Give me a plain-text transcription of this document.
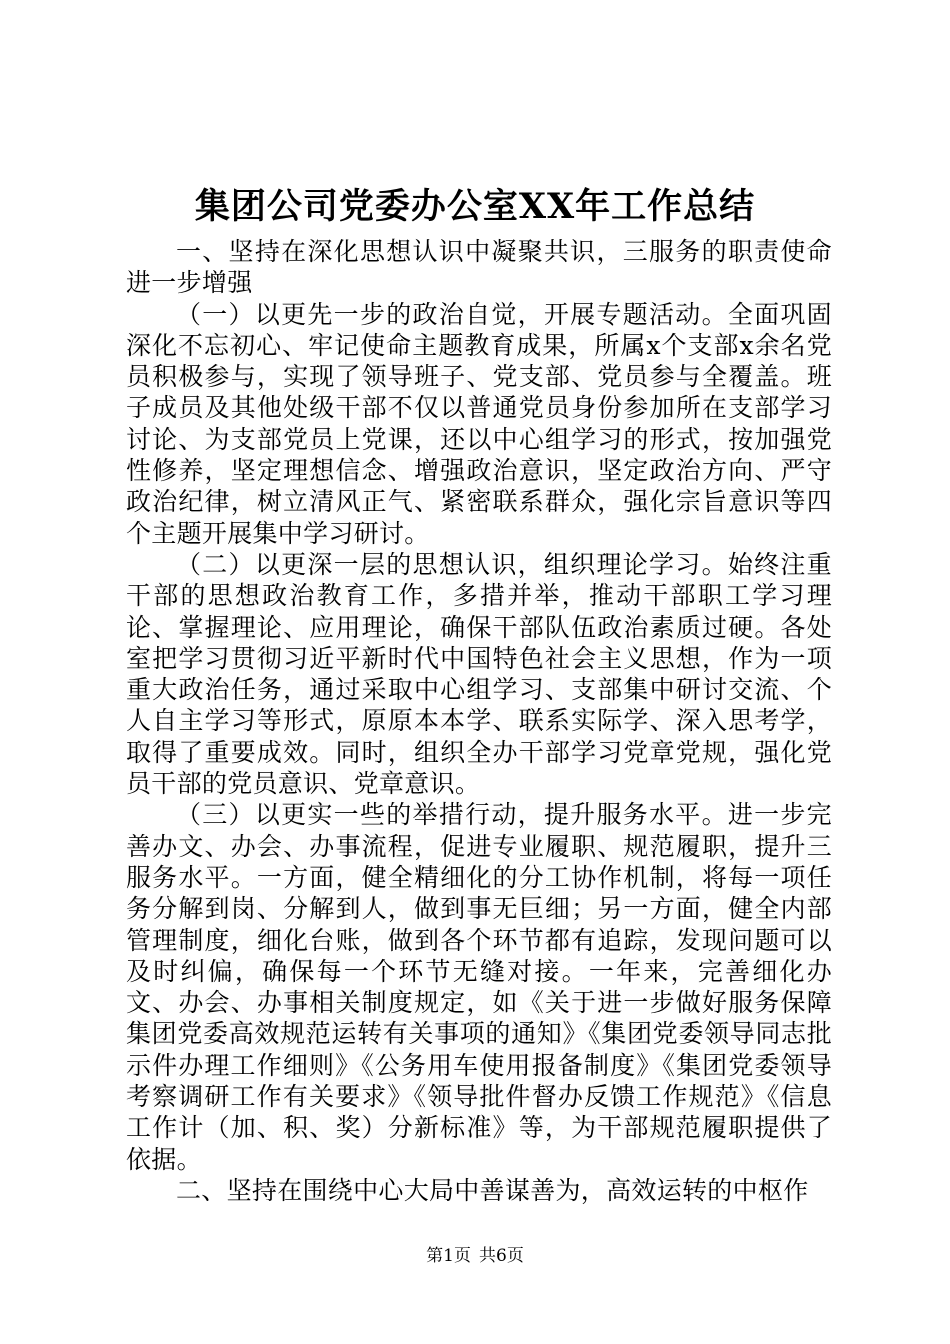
集团公司党委办公室XX年工作总结

一、坚持在深化思想认识中凝聚共识，三服务的职责使命进一步增强

（一）以更先一步的政治自觉，开展专题活动。全面巩固深化不忘初心、牢记使命主题教育成果，所属x个支部x余名党员积极参与，实现了领导班子、党支部、党员参与全覆盖。班子成员及其他处级干部不仅以普通党员身份参加所在支部学习讨论、为支部党员上党课，还以中心组学习的形式，按加强党性修养，坚定理想信念、增强政治意识，坚定政治方向、严守政治纪律，树立清风正气、紧密联系群众，强化宗旨意识等四个主题开展集中学习研讨。

（二）以更深一层的思想认识，组织理论学习。始终注重干部的思想政治教育工作，多措并举，推动干部职工学习理论、掌握理论、应用理论，确保干部队伍政治素质过硬。各处室把学习贯彻习近平新时代中国特色社会主义思想，作为一项重大政治任务，通过采取中心组学习、支部集中研讨交流、个人自主学习等形式，原原本本学、联系实际学、深入思考学，取得了重要成效。同时，组织全办干部学习党章党规，强化党员干部的党员意识、党章意识。

（三）以更实一些的举措行动，提升服务水平。进一步完善办文、办会、办事流程，促进专业履职、规范履职，提升三服务水平。一方面，健全精细化的分工协作机制，将每一项任务分解到岗、分解到人，做到事无巨细；另一方面，健全内部管理制度，细化台账，做到各个环节都有追踪，发现问题可以及时纠偏，确保每一个环节无缝对接。一年来，完善细化办文、办会、办事相关制度规定，如《关于进一步做好服务保障集团党委高效规范运转有关事项的通知》《集团党委领导同志批示件办理工作细则》《公务用车使用报备制度》《集团党委领导考察调研工作有关要求》《领导批件督办反馈工作规范》《信息工作计（加、积、奖）分新标准》等，为干部规范履职提供了依据。

二、坚持在围绕中心大局中善谋善为，高效运转的中枢作

第1页 共6页
